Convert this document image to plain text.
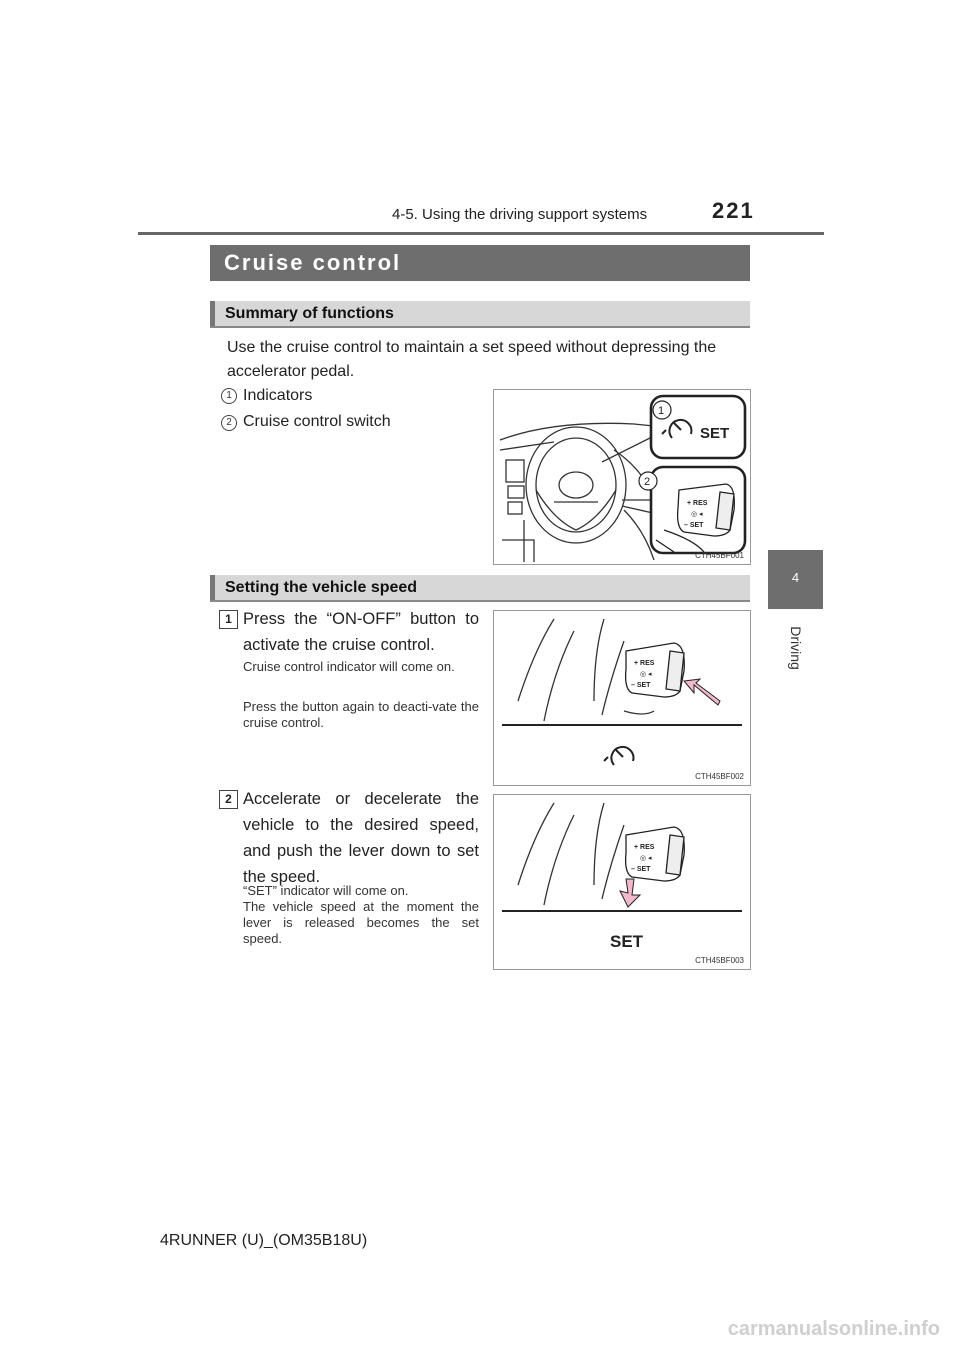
4-5. Using the driving support systems	221
4
Driving
Cruise control
Summary of functions
Use the cruise control to maintain a set speed without depressing the accelerator pedal.
1 Indicators
2 Cruise control switch
SET
1
2
+ RES
◎ ◂
– SET
CTH45BF001
Setting the vehicle speed
1 Press the “ON-OFF” button to activate the cruise control.
Cruise control indicator will come on.
Press the button again to deacti-vate the cruise control.
+ RES
◎ ◂
– SET
CTH45BF002
2 Accelerate or decelerate the vehicle to the desired speed, and push the lever down to set the speed.
“SET” indicator will come on.
The vehicle speed at the moment the lever is released becomes the set speed.
+ RES
◎ ◂
– SET
SET
CTH45BF003
4RUNNER (U)_(OM35B18U)
carmanualsonline.info
